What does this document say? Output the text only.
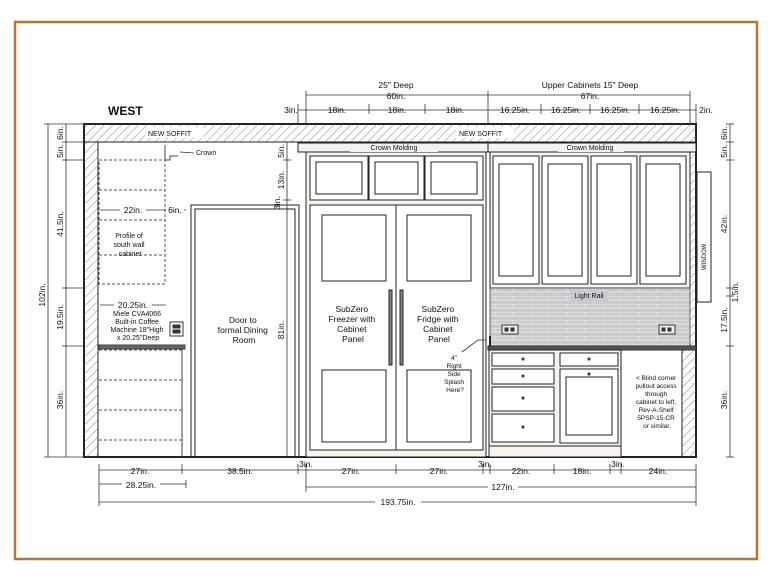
WEST
NEW SOFFIT	NEW SOFFIT
Crown
Profile of south wall cabinet
Miele CVA4066 Built-in Coffee Machine 18"High x 20.25"Deep
Door to formal Dining Room
Crown Molding
SubZero Freezer with Cabinet Panel
SubZero Fridge with Cabinet Panel
Crown Molding
WINDOW
Light Rail
4" Right Side Splash Here?
< Blind corner pullout access through cabinet to left. Rev-A-Shelf 5PSP-15-CR or similar.
25" Deep
60in.
Upper Cabinets 15" Deep
67in.
3in.	18in.	18in.	18in.	16.25in. 16.25in. 16.25in. 16.25in. 2in.
102in.
6in.
5in.
41.5in.
19.5in.
36in.
22in.	6in.
20.25in.
5in.
13in.
3in.
81in.
6in.
5in.
42in.
1.5in.
17.5in.
36in.
27in.	38.5in.
3in.
27in.	27in.
3in.
22in.	18in.
3in.
24in.
28.25in.	127in.
193.75in.
